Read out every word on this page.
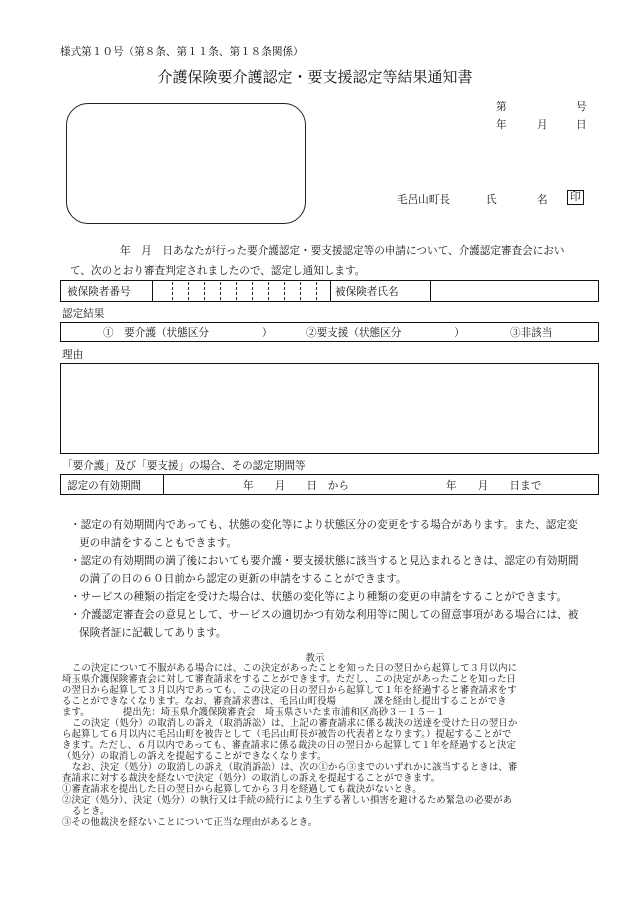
様式第１０号（第８条、第１１条、第１８条関係）
介護保険要介護認定・要支援認定等結果通知書
第	号
年	月	日
毛呂山町長	氏	名 印
年　月　日あなたが行った要介護認定・要支援認定等の申請について、介護認定審査会におい
て、次のとおり審査判定されましたので、認定し通知します。
被保険者番号	被保険者氏名
認定結果
①　要介護（状態区分　　　　　）	②要支援（状態区分　　　　　）	③非該当
理由
「要介護」及び「要支援」の場合、その認定期間等
認定の有効期間	年　　月　　日　から	年　　月　　日まで
・認定の有効期間内であっても、状態の変化等により状態区分の変更をする場合があります。また、認定変
更の申請をすることもできます。
・認定の有効期間の満了後においても要介護・要支援状態に該当すると見込まれるときは、認定の有効期間
の満了の日の６０日前から認定の更新の申請をすることができます。
・サービスの種類の指定を受けた場合は、状態の変化等により種類の変更の申請をすることができます。
・介護認定審査会の意見として、サービスの適切かつ有効な利用等に関しての留意事項がある場合には、被
保険者証に記載してあります。
教示
この決定について不服がある場合には、この決定があったことを知った日の翌日から起算して３月以内に
埼玉県介護保険審査会に対して審査請求をすることができます。ただし、この決定があったことを知った日
の翌日から起算して３月以内であっても、この決定の日の翌日から起算して１年を経過すると審査請求をす
ることができなくなります。なお、審査請求書は、毛呂山町役場　　　　課を経由し提出することができ
ます。　　　　提出先：埼玉県介護保険審査会　埼玉県さいたま市浦和区高砂３－１５－１
この決定（処分）の取消しの訴え（取消訴訟）は、上記の審査請求に係る裁決の送達を受けた日の翌日か
ら起算して６月以内に毛呂山町を被告として（毛呂山町長が被告の代表者となります。）提起することがで
きます。ただし、６月以内であっても、審査請求に係る裁決の日の翌日から起算して１年を経過すると決定
（処分）の取消しの訴えを提起することができなくなります。
なお、決定（処分）の取消しの訴え（取消訴訟）は、次の①から③までのいずれかに該当するときは、審
査請求に対する裁決を経ないで決定（処分）の取消しの訴えを提起することができます。
①審査請求を提出した日の翌日から起算してから３月を経過しても裁決がないとき。
②決定（処分）、決定（処分）の執行又は手続の続行により生ずる著しい損害を避けるため緊急の必要があ
るとき。
③その他裁決を経ないことについて正当な理由があるとき。
